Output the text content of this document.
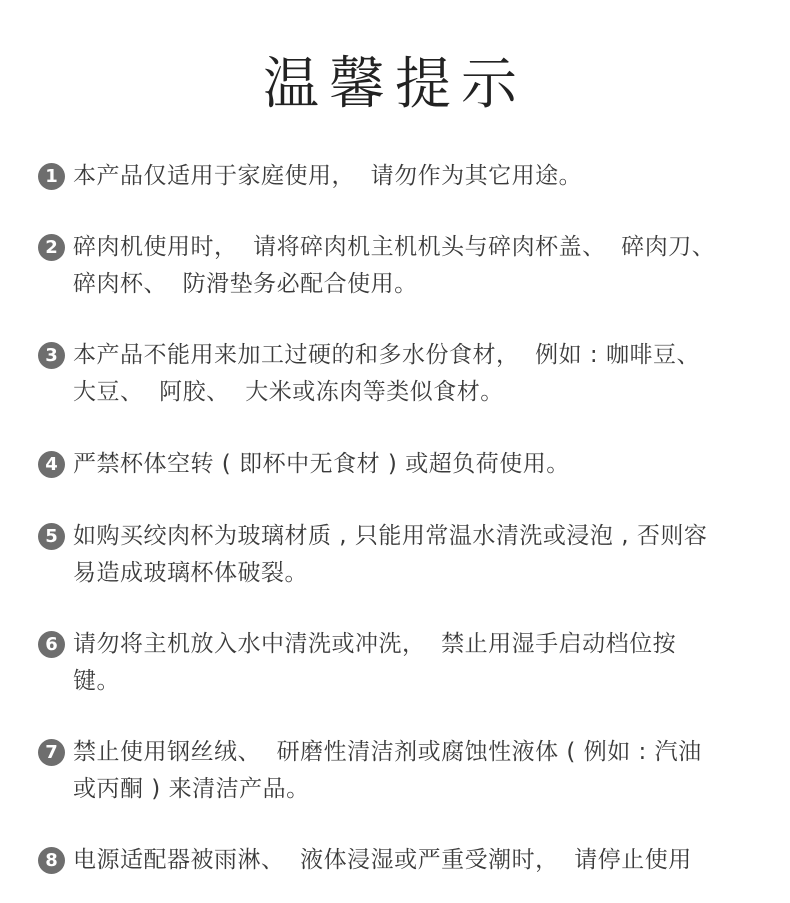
温馨提示
1 本产品仅适用于家庭使用，  请勿作为其它用途。
2 碎肉机使用时，  请将碎肉机主机机头与碎肉杯盖、  碎肉刀、
碎肉杯、  防滑垫务必配合使用。
3 本产品不能用来加工过硬的和多水份食材，  例如 : 咖啡豆、
大豆、  阿胶、  大米或冻肉等类似食材。
4 严禁杯体空转 ( 即杯中无食材 ) 或超负荷使用。
5 如购买绞肉杯为玻璃材质 , 只能用常温水清洗或浸泡 , 否则容
易造成玻璃杯体破裂。
6 请勿将主机放入水中清洗或冲洗，  禁止用湿手启动档位按
键。
7 禁止使用钢丝绒、  研磨性清洁剂或腐蚀性液体 ( 例如 : 汽油
或丙酮 ) 来清洁产品。
8 电源适配器被雨淋、  液体浸湿或严重受潮时，  请停止使用
